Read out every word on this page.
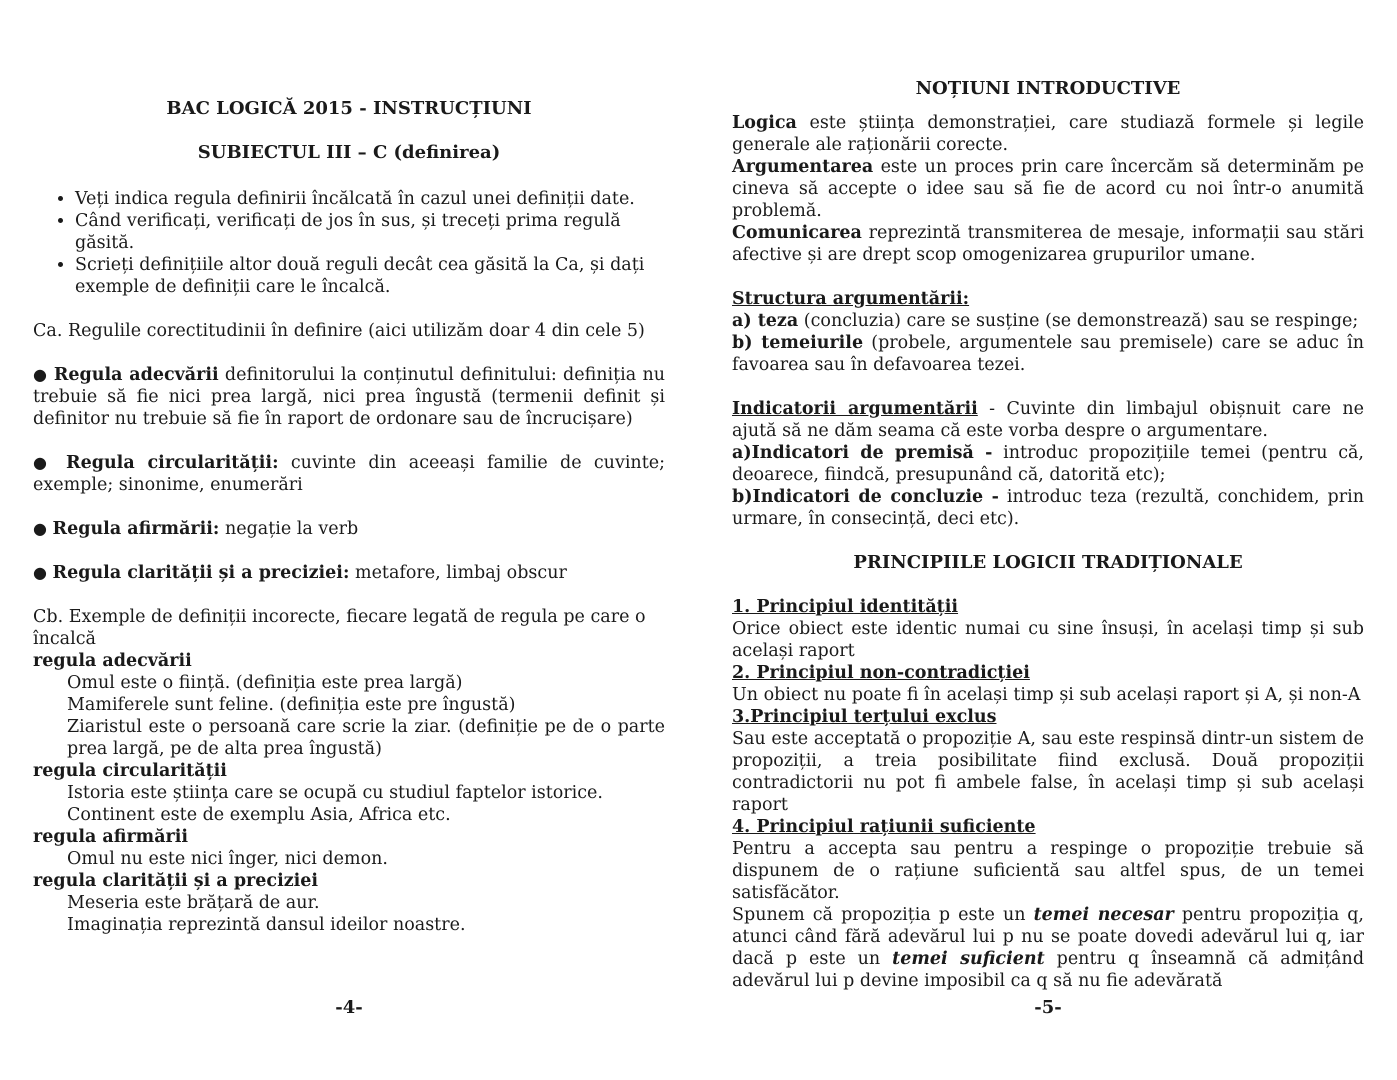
BAC LOGICĂ 2015 - INSTRUCȚIUNI
SUBIECTUL III – C (definirea)
• Veți indica regula definirii încălcată în cazul unei definiții date.
• Când verificați, verificați de jos în sus, și treceți prima regulă găsită.
• Scrieți definițiile altor două reguli decât cea găsită la Ca, și dați exemple de definiții care le încalcă.

Ca. Regulile corectitudinii în definire (aici utilizăm doar 4 din cele 5)

● Regula adecvării definitorului la conținutul definitului: definiția nu trebuie să fie nici prea largă, nici prea îngustă (termenii definit și definitor nu trebuie să fie în raport de ordonare sau de încrucișare)

● Regula circularității: cuvinte din aceeași familie de cuvinte; exemple; sinonime, enumerări

● Regula afirmării: negație la verb

● Regula clarității și a preciziei: metafore, limbaj obscur

Cb. Exemple de definiții incorecte, fiecare legată de regula pe care o încalcă

regula adecvării

Omul este o ființă. (definiția este prea largă)

Mamiferele sunt feline. (definiția este pre îngustă)

Ziaristul este o persoană care scrie la ziar. (definiție pe de o parte prea largă, pe de alta prea îngustă)

regula circularității

Istoria este știința care se ocupă cu studiul faptelor istorice.

Continent este de exemplu Asia, Africa etc.

regula afirmării

Omul nu este nici înger, nici demon.

regula clarității și a preciziei

Meseria este brățară de aur.

Imaginația reprezintă dansul ideilor noastre.

-4-
NOȚIUNI INTRODUCTIVE

Logica este știința demonstrației, care studiază formele și legile generale ale raționării corecte.

Argumentarea este un proces prin care încercăm să determinăm pe cineva să accepte o idee sau să fie de acord cu noi într-o anumită problemă.

Comunicarea reprezintă transmiterea de mesaje, informații sau stări afective și are drept scop omogenizarea grupurilor umane.

Structura argumentării:

a) teza (concluzia) care se susține (se demonstrează) sau se respinge;

b) temeiurile (probele, argumentele sau premisele) care se aduc în favoarea sau în defavoarea tezei.

Indicatorii argumentării - Cuvinte din limbajul obișnuit care ne ajută să ne dăm seama că este vorba despre o argumentare.

a)Indicatori de premisă - introduc propozițiile temei (pentru că, deoarece, fiindcă, presupunând că, datorită etc);

b)Indicatori de concluzie - introduc teza (rezultă, conchidem, prin urmare, în consecință, deci etc).

PRINCIPIILE LOGICII TRADIȚIONALE

1. Principiul identității

Orice obiect este identic numai cu sine însuși, în același timp și sub același raport

2. Principiul non-contradicției

Un obiect nu poate fi în același timp și sub același raport și A, și non-A

3.Principiul terțului exclus

Sau este acceptată o propoziție A, sau este respinsă dintr-un sistem de propoziții, a treia posibilitate fiind exclusă. Două propoziții contradictorii nu pot fi ambele false, în același timp și sub același raport

4. Principiul rațiunii suficiente

Pentru a accepta sau pentru a respinge o propoziție trebuie să dispunem de o rațiune suficientă sau altfel spus, de un temei satisfăcător.

Spunem că propoziția p este un temei necesar pentru propoziția q, atunci când fără adevărul lui p nu se poate dovedi adevărul lui q, iar dacă p este un temei suficient pentru q înseamnă că admițând adevărul lui p devine imposibil ca q să nu fie adevărată

-5-
